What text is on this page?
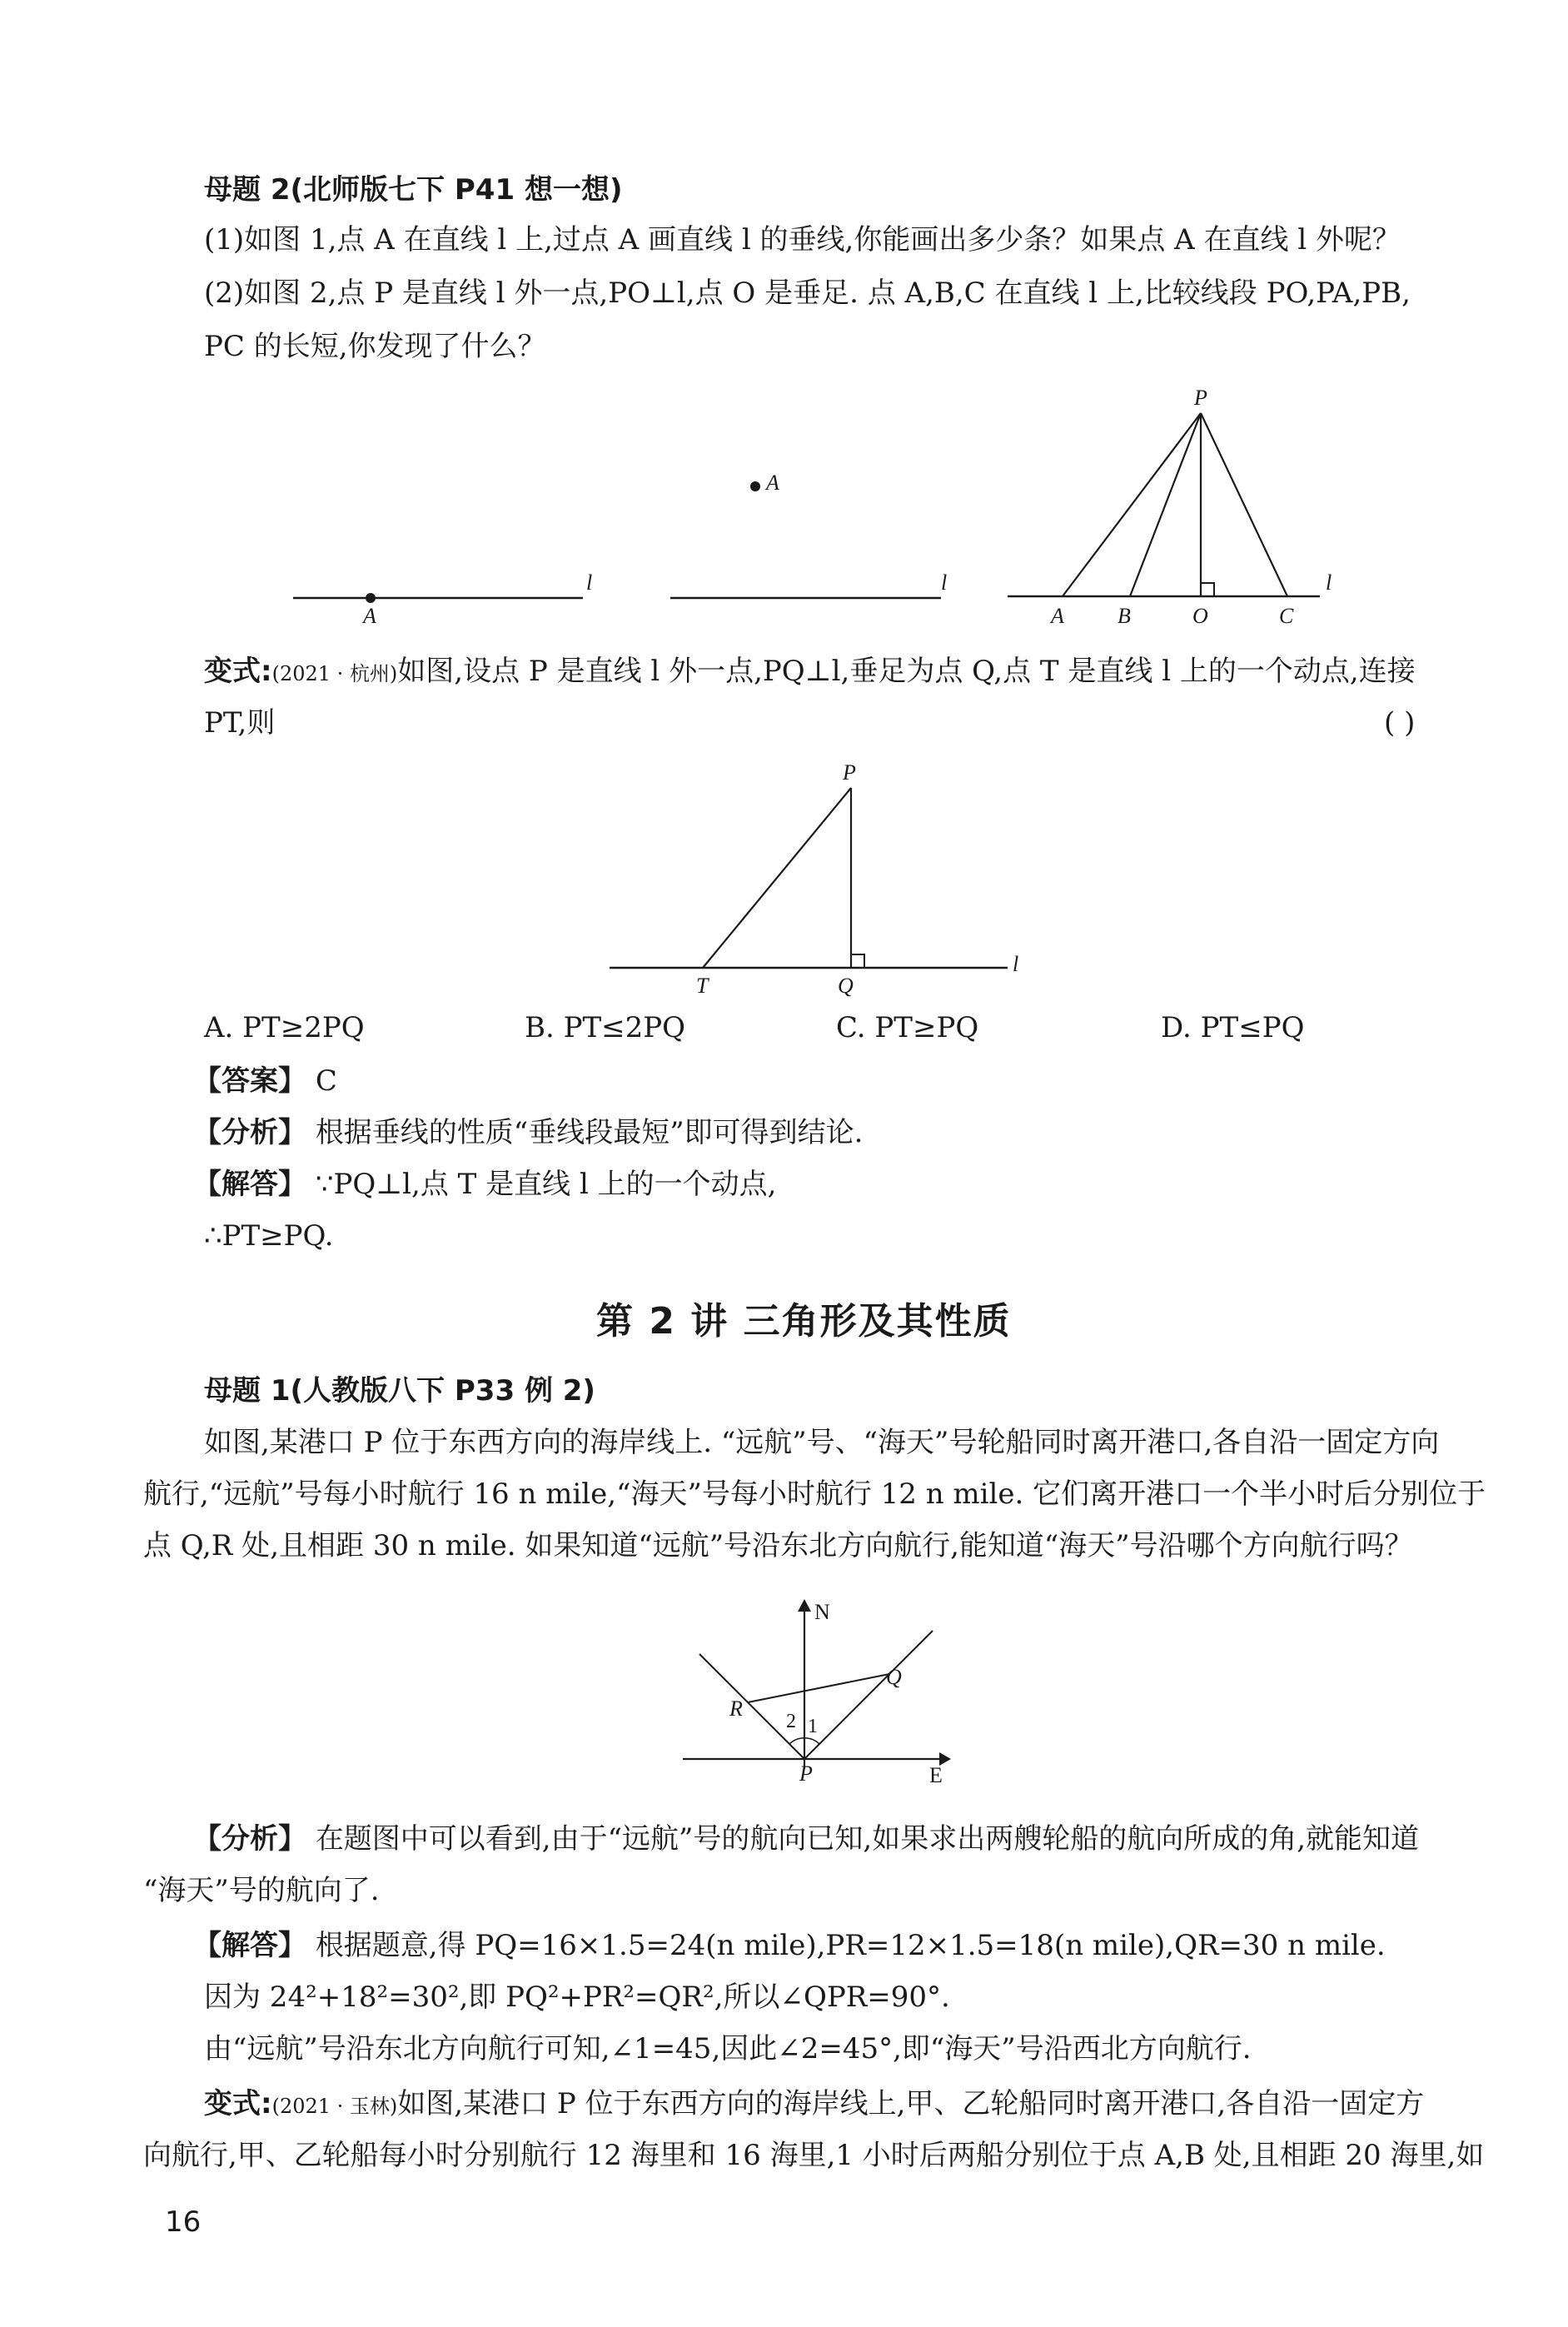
母题 2(北师版七下 P41 想一想)
(1)如图 1,点 A 在直线 l 上,过点 A 画直线 l 的垂线,你能画出多少条？如果点 A 在直线 l 外呢？
(2)如图 2,点 P 是直线 l 外一点,PO⊥l,点 O 是垂足. 点 A,B,C 在直线 l 上,比较线段 PO,PA,PB,
PC 的长短,你发现了什么？
A
l
A
l
P
A B	O	C
l
P
T	Q
l
N
E
R
Q
P
1
2
变式:(2021 · 杭州)如图,设点 P 是直线 l 外一点,PQ⊥l,垂足为点 Q,点 T 是直线 l 上的一个动点,连接
PT,则	( )
A. PT≥2PQ	B. PT≤2PQ	C. PT≥PQ	D. PT≤PQ
【答案】 C
【分析】 根据垂线的性质“垂线段最短”即可得到结论.
【解答】 ∵PQ⊥l,点 T 是直线 l 上的一个动点,
∴PT≥PQ.
第 2 讲 三角形及其性质
母题 1(人教版八下 P33 例 2)
如图,某港口 P 位于东西方向的海岸线上. “远航”号、“海天”号轮船同时离开港口,各自沿一固定方向
航行,“远航”号每小时航行 16 n mile,“海天”号每小时航行 12 n mile. 它们离开港口一个半小时后分别位于
点 Q,R 处,且相距 30 n mile. 如果知道“远航”号沿东北方向航行,能知道“海天”号沿哪个方向航行吗？
【分析】 在题图中可以看到,由于“远航”号的航向已知,如果求出两艘轮船的航向所成的角,就能知道
“海天”号的航向了.
【解答】 根据题意,得 PQ=16×1.5=24(n mile),PR=12×1.5=18(n mile),QR=30 n mile.
因为 24²+18²=30²,即 PQ²+PR²=QR²,所以∠QPR=90°.
由“远航”号沿东北方向航行可知,∠1=45,因此∠2=45°,即“海天”号沿西北方向航行.
变式:(2021 · 玉林)如图,某港口 P 位于东西方向的海岸线上,甲、乙轮船同时离开港口,各自沿一固定方
向航行,甲、乙轮船每小时分别航行 12 海里和 16 海里,1 小时后两船分别位于点 A,B 处,且相距 20 海里,如
16
